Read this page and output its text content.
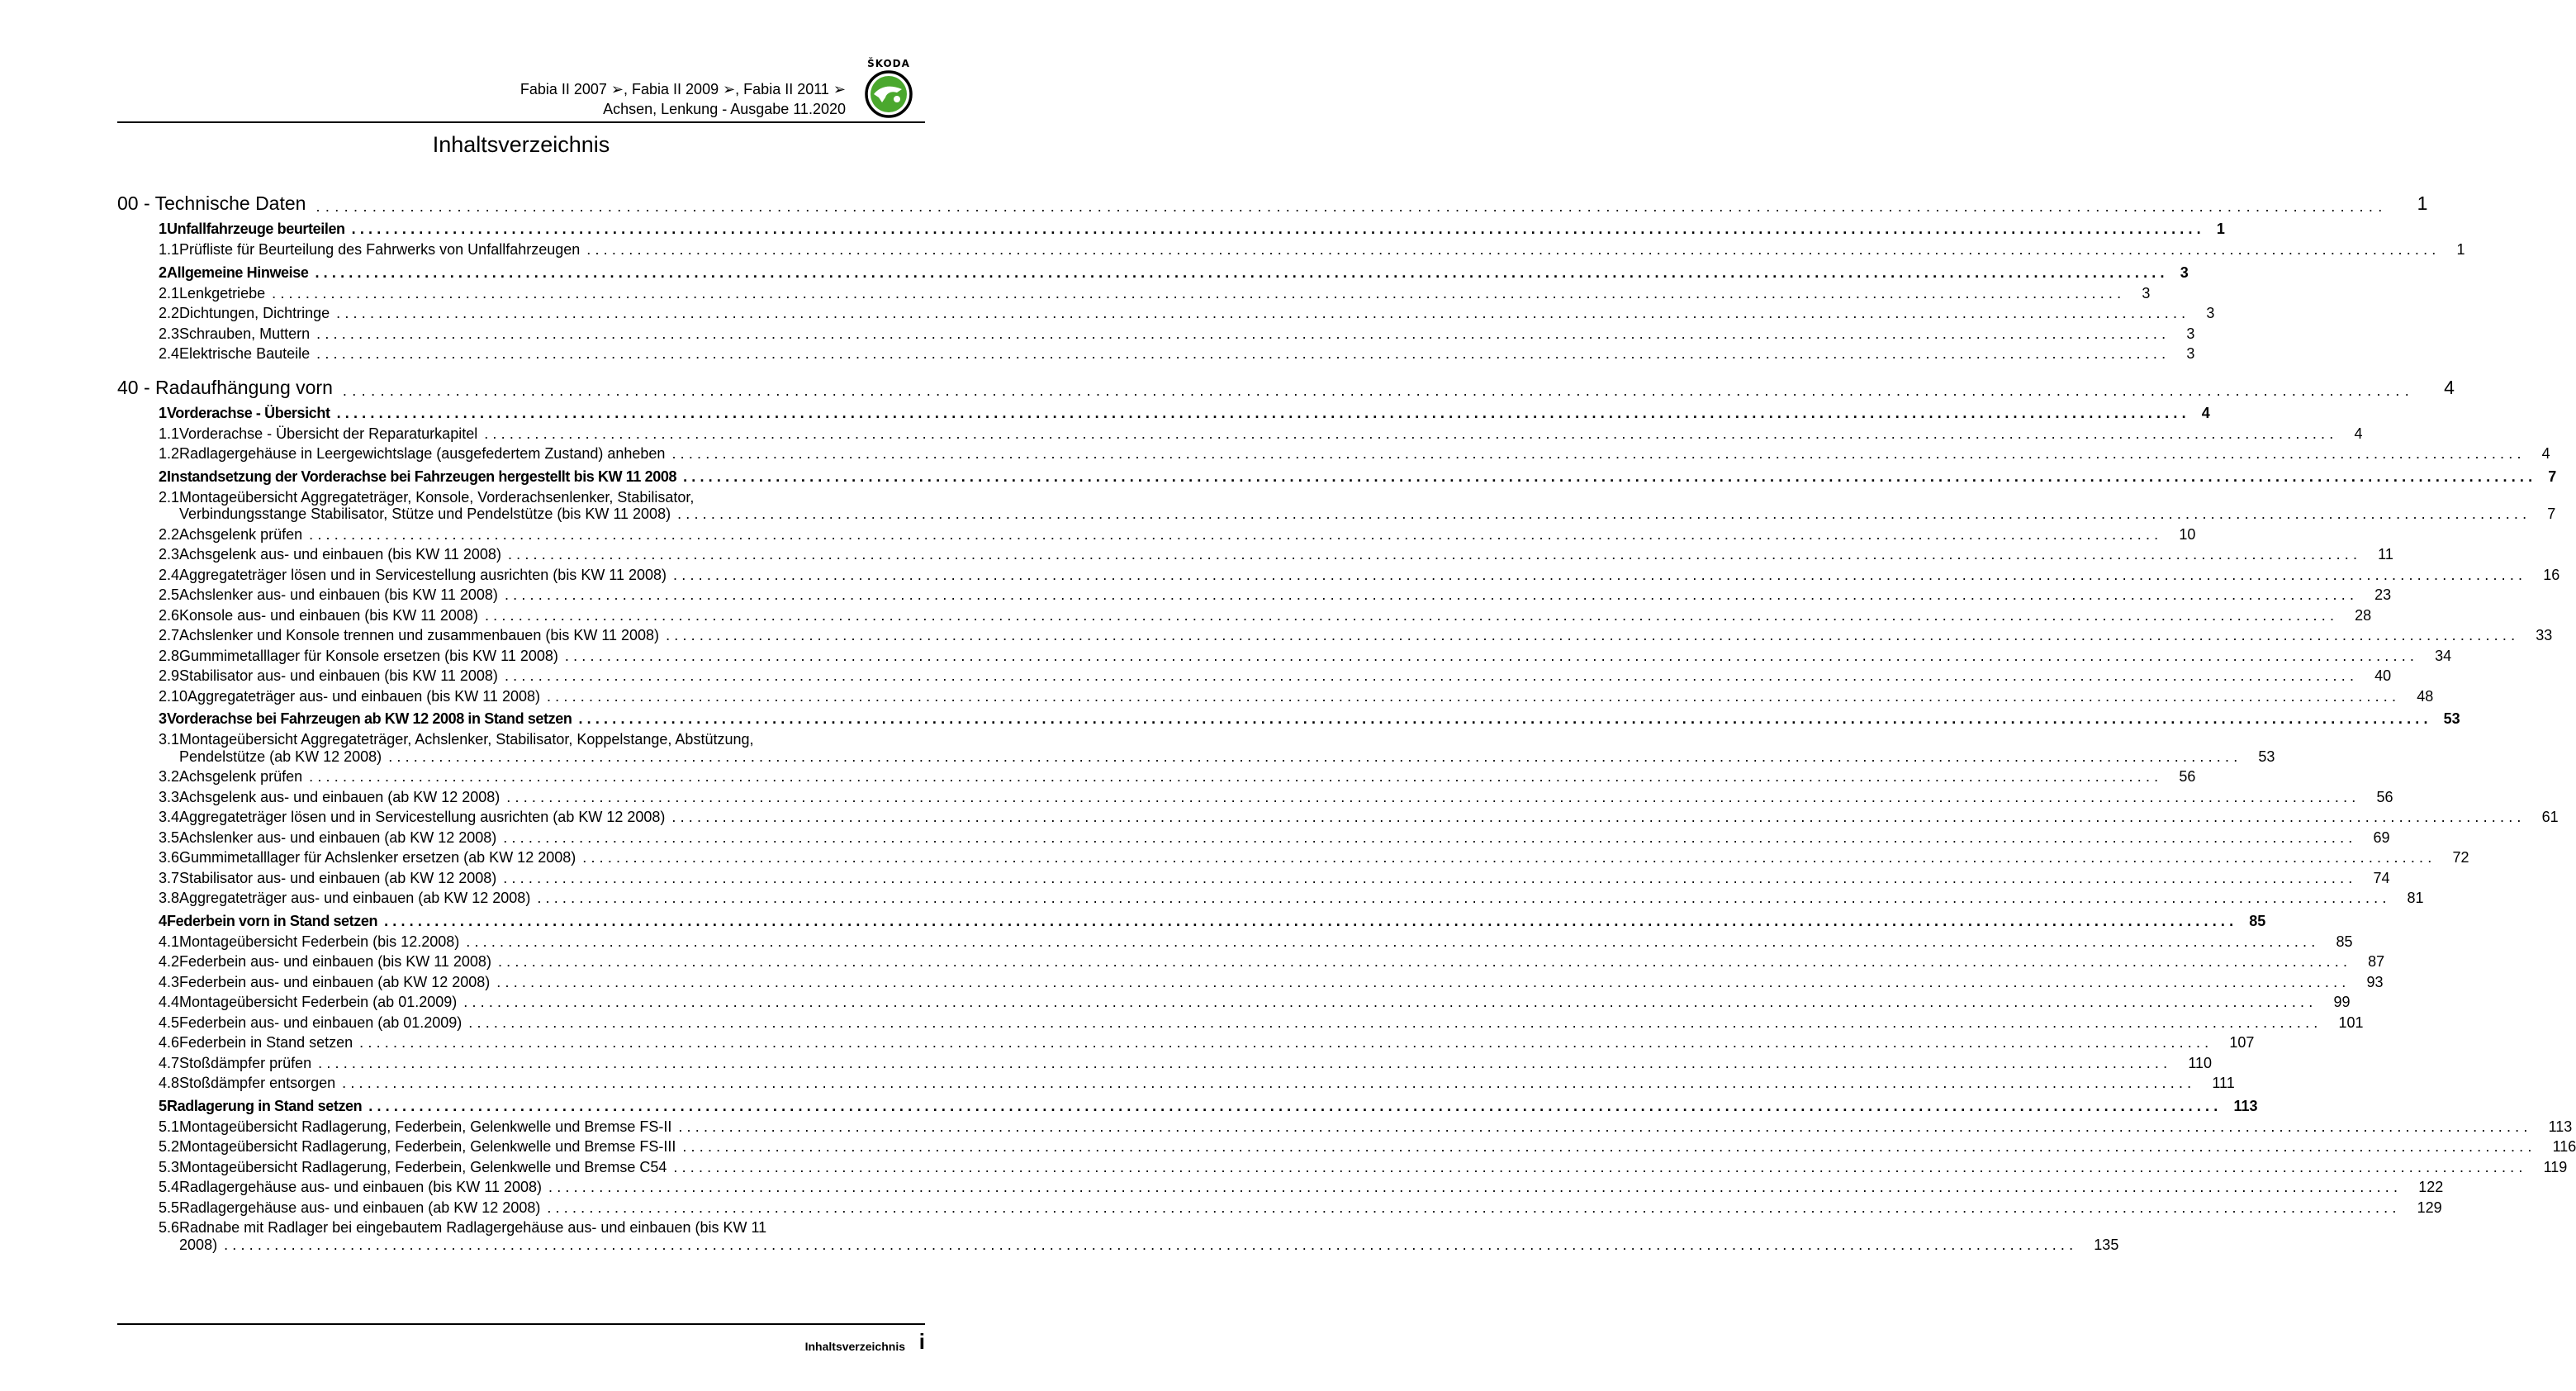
Fabia II 2007 ➢, Fabia II 2009 ➢, Fabia II 2011 ➢
Achsen, Lenkung - Ausgabe 11.2020
ŠKODA
Inhaltsverzeichnis
00 - Technische Daten ............................................................................................................................................................................................................................ 1
1 Unfallfahrzeuge beurteilen ............................................................................................................................................................................................................................ 1
1.1 Prüfliste für Beurteilung des Fahrwerks von Unfallfahrzeugen ............................................................................................................................................................................................................................ 1
2 Allgemeine Hinweise ............................................................................................................................................................................................................................ 3
2.1 Lenkgetriebe ............................................................................................................................................................................................................................ 3
2.2 Dichtungen, Dichtringe ............................................................................................................................................................................................................................ 3
2.3 Schrauben, Muttern ............................................................................................................................................................................................................................ 3
2.4 Elektrische Bauteile ............................................................................................................................................................................................................................ 3
40 - Radaufhängung vorn ............................................................................................................................................................................................................................ 4
1 Vorderachse - Übersicht ............................................................................................................................................................................................................................ 4
1.1 Vorderachse - Übersicht der Reparaturkapitel ............................................................................................................................................................................................................................ 4
1.2 Radlagergehäuse in Leergewichtslage (ausgefedertem Zustand) anheben ............................................................................................................................................................................................................................ 4
2 Instandsetzung der Vorderachse bei Fahrzeugen hergestellt bis KW 11 2008 ............................................................................................................................................................................................................................ 7
2.1 Montageübersicht Aggregateträger, Konsole, Vorderachsenlenker, Stabilisator,
Verbindungsstange Stabilisator, Stütze und Pendelstütze (bis KW 11 2008) ............................................................................................................................................................................................................................ 7
2.2 Achsgelenk prüfen ............................................................................................................................................................................................................................ 10
2.3 Achsgelenk aus- und einbauen (bis KW 11 2008) ............................................................................................................................................................................................................................ 11
2.4 Aggregateträger lösen und in Servicestellung ausrichten (bis KW 11 2008) ............................................................................................................................................................................................................................ 16
2.5 Achslenker aus- und einbauen (bis KW 11 2008) ............................................................................................................................................................................................................................ 23
2.6 Konsole aus- und einbauen (bis KW 11 2008) ............................................................................................................................................................................................................................ 28
2.7 Achslenker und Konsole trennen und zusammenbauen (bis KW 11 2008) ............................................................................................................................................................................................................................ 33
2.8 Gummimetalllager für Konsole ersetzen (bis KW 11 2008) ............................................................................................................................................................................................................................ 34
2.9 Stabilisator aus- und einbauen (bis KW 11 2008) ............................................................................................................................................................................................................................ 40
2.10 Aggregateträger aus- und einbauen (bis KW 11 2008) ............................................................................................................................................................................................................................ 48
3 Vorderachse bei Fahrzeugen ab KW 12 2008 in Stand setzen ............................................................................................................................................................................................................................ 53
3.1 Montageübersicht Aggregateträger, Achslenker, Stabilisator, Koppelstange, Abstützung,
Pendelstütze (ab KW 12 2008) ............................................................................................................................................................................................................................ 53
3.2 Achsgelenk prüfen ............................................................................................................................................................................................................................ 56
3.3 Achsgelenk aus- und einbauen (ab KW 12 2008) ............................................................................................................................................................................................................................ 56
3.4 Aggregateträger lösen und in Servicestellung ausrichten (ab KW 12 2008) ............................................................................................................................................................................................................................ 61
3.5 Achslenker aus- und einbauen (ab KW 12 2008) ............................................................................................................................................................................................................................ 69
3.6 Gummimetalllager für Achslenker ersetzen (ab KW 12 2008) ............................................................................................................................................................................................................................ 72
3.7 Stabilisator aus- und einbauen (ab KW 12 2008) ............................................................................................................................................................................................................................ 74
3.8 Aggregateträger aus- und einbauen (ab KW 12 2008) ............................................................................................................................................................................................................................ 81
4 Federbein vorn in Stand setzen ............................................................................................................................................................................................................................ 85
4.1 Montageübersicht Federbein (bis 12.2008) ............................................................................................................................................................................................................................ 85
4.2 Federbein aus- und einbauen (bis KW 11 2008) ............................................................................................................................................................................................................................ 87
4.3 Federbein aus- und einbauen (ab KW 12 2008) ............................................................................................................................................................................................................................ 93
4.4 Montageübersicht Federbein (ab 01.2009) ............................................................................................................................................................................................................................ 99
4.5 Federbein aus- und einbauen (ab 01.2009) ............................................................................................................................................................................................................................ 101
4.6 Federbein in Stand setzen ............................................................................................................................................................................................................................ 107
4.7 Stoßdämpfer prüfen ............................................................................................................................................................................................................................ 110
4.8 Stoßdämpfer entsorgen ............................................................................................................................................................................................................................ 111
5 Radlagerung in Stand setzen ............................................................................................................................................................................................................................ 113
5.1 Montageübersicht Radlagerung, Federbein, Gelenkwelle und Bremse FS-II ............................................................................................................................................................................................................................ 113
5.2 Montageübersicht Radlagerung, Federbein, Gelenkwelle und Bremse FS-III ............................................................................................................................................................................................................................ 116
5.3 Montageübersicht Radlagerung, Federbein, Gelenkwelle und Bremse C54 ............................................................................................................................................................................................................................ 119
5.4 Radlagergehäuse aus- und einbauen (bis KW 11 2008) ............................................................................................................................................................................................................................ 122
5.5 Radlagergehäuse aus- und einbauen (ab KW 12 2008) ............................................................................................................................................................................................................................ 129
5.6 Radnabe mit Radlager bei eingebautem Radlagergehäuse aus- und einbauen (bis KW 11
2008) ............................................................................................................................................................................................................................ 135
Inhaltsverzeichnis i
